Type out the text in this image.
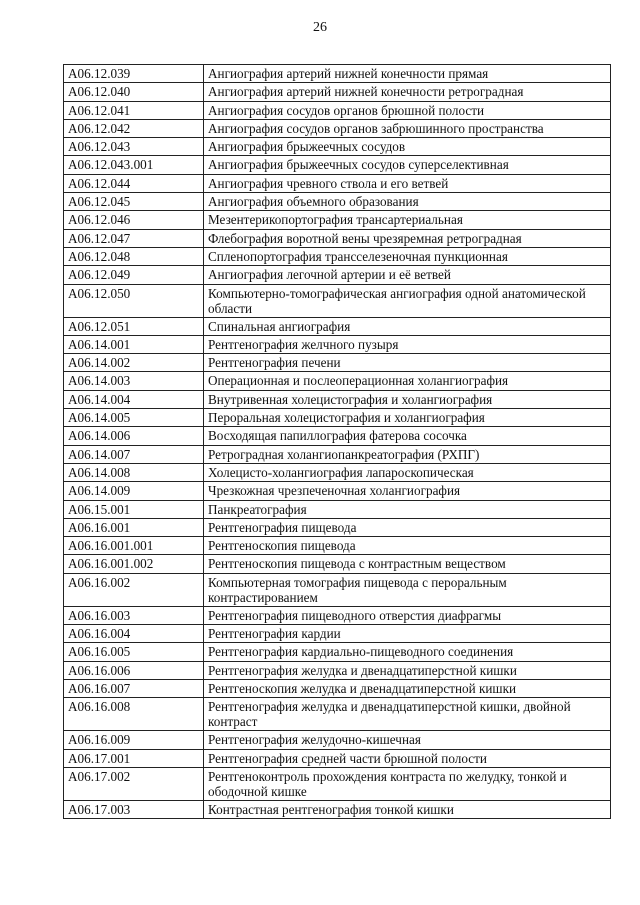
26
A06.12.039	Ангиография артерий нижней конечности прямая
A06.12.040	Ангиография артерий нижней конечности ретроградная
A06.12.041	Ангиография сосудов органов брюшной полости
A06.12.042	Ангиография сосудов органов забрюшинного пространства
A06.12.043	Ангиография брыжеечных сосудов
A06.12.043.001	Ангиография брыжеечных сосудов суперселективная
A06.12.044	Ангиография чревного ствола и его ветвей
A06.12.045	Ангиография объемного образования
A06.12.046	Мезентерикопортография трансартериальная
A06.12.047	Флебография воротной вены чрезяремная ретроградная
A06.12.048	Спленопортография трансселезеночная пункционная
A06.12.049	Ангиография легочной артерии и её ветвей
A06.12.050	Компьютерно-томографическая ангиография одной анатомической области
A06.12.051	Спинальная ангиография
A06.14.001	Рентгенография желчного пузыря
A06.14.002	Рентгенография печени
A06.14.003	Операционная и послеоперационная холангиография
A06.14.004	Внутривенная холецистография и холангиография
A06.14.005	Пероральная холецистография и холангиография
A06.14.006	Восходящая папиллография фатерова сосочка
A06.14.007	Ретроградная холангиопанкреатография (РХПГ)
A06.14.008	Холецисто-холангиография лапароскопическая
A06.14.009	Чрезкожная чрезпеченочная холангиография
A06.15.001	Панкреатография
A06.16.001	Рентгенография пищевода
A06.16.001.001	Рентгеноскопия пищевода
A06.16.001.002	Рентгеноскопия пищевода с контрастным веществом
A06.16.002	Компьютерная томография пищевода с пероральным контрастированием
A06.16.003	Рентгенография пищеводного отверстия диафрагмы
A06.16.004	Рентгенография кардии
A06.16.005	Рентгенография кардиально-пищеводного соединения
A06.16.006	Рентгенография желудка и двенадцатиперстной кишки
A06.16.007	Рентгеноскопия желудка и двенадцатиперстной кишки
A06.16.008	Рентгенография желудка и двенадцатиперстной кишки, двойной контраст
A06.16.009	Рентгенография желудочно-кишечная
A06.17.001	Рентгенография средней части брюшной полости
A06.17.002	Рентгеноконтроль прохождения контраста по желудку, тонкой и ободочной кишке
A06.17.003	Контрастная рентгенография тонкой кишки
